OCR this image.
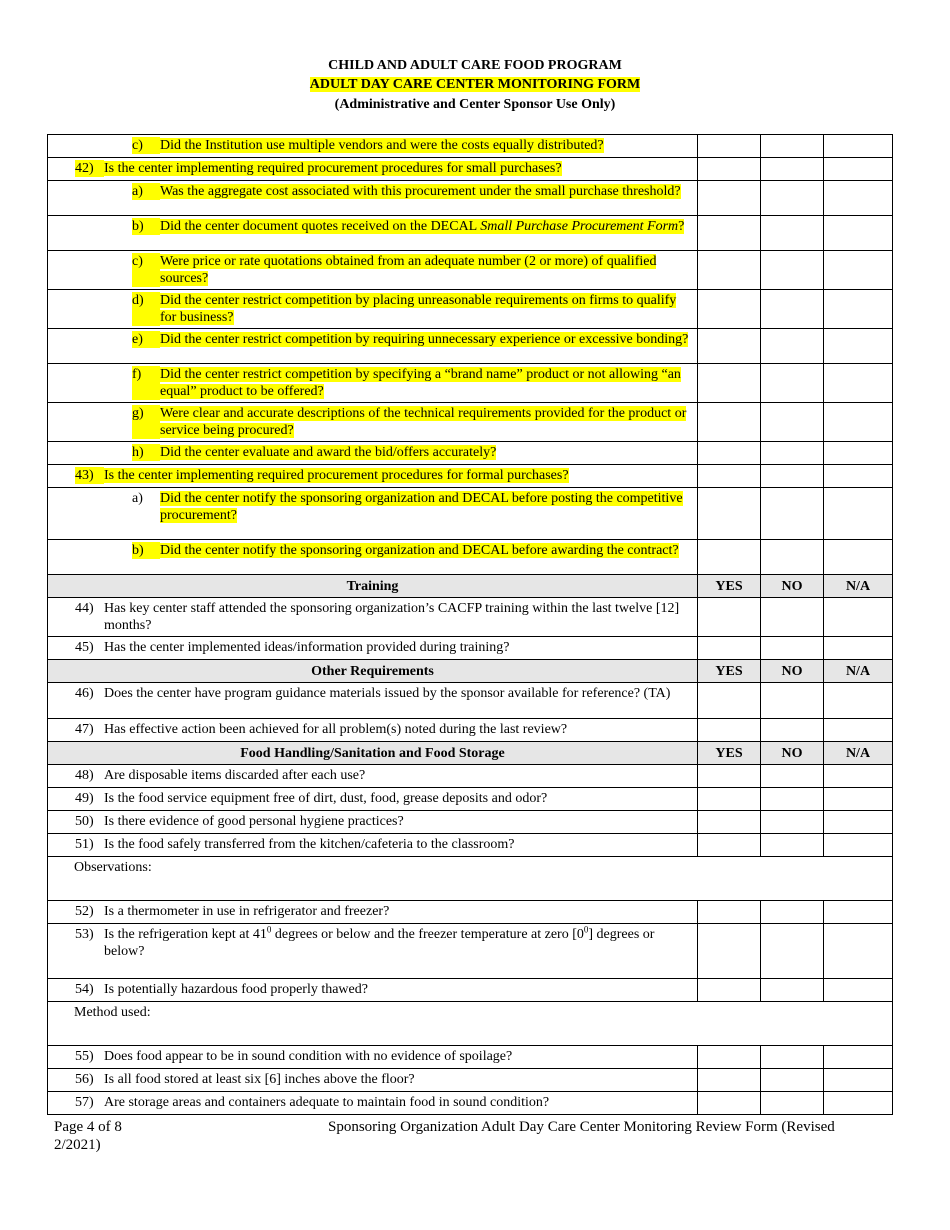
CHILD AND ADULT CARE FOOD PROGRAM
ADULT DAY CARE CENTER MONITORING FORM
(Administrative and Center Sponsor Use Only)
c) Did the Institution use multiple vendors and were the costs equally distributed?			

42) Is the center implementing required procurement procedures for small purchases?			

a) Was the aggregate cost associated with this procurement under the small purchase threshold?			

b) Did the center document quotes received on the DECAL Small Purchase Procurement Form?			

c) Were price or rate quotations obtained from an adequate number (2 or more) of qualified sources?			

d) Did the center restrict competition by placing unreasonable requirements on firms to qualify for business?			

e) Did the center restrict competition by requiring unnecessary experience or excessive bonding?			

f) Did the center restrict competition by specifying a “brand name” product or not allowing “an equal” product to be offered?			

g) Were clear and accurate descriptions of the technical requirements provided for the product or service being procured?			

h) Did the center evaluate and award the bid/offers accurately?			

43) Is the center implementing required procurement procedures for formal purchases?			

a) Did the center notify the sponsoring organization and DECAL before posting the competitive procurement?			

b) Did the center notify the sponsoring organization and DECAL before awarding the contract?			

Training	YES	NO	N/A

44) Has key center staff attended the sponsoring organization’s CACFP training within the last twelve [12] months?			

45) Has the center implemented ideas/information provided during training?			

Other Requirements	YES	NO	N/A

46) Does the center have program guidance materials issued by the sponsor available for reference? (TA)			

47) Has effective action been achieved for all problem(s) noted during the last review?			

Food Handling/Sanitation and Food Storage	YES	NO	N/A

48) Are disposable items discarded after each use?			

49) Is the food service equipment free of dirt, dust, food, grease deposits and odor?			

50) Is there evidence of good personal hygiene practices?			

51) Is the food safely transferred from the kitchen/cafeteria to the classroom?			

Observations:			

52) Is a thermometer in use in refrigerator and freezer?			

53) Is the refrigeration kept at $41^0$ degrees or below and the freezer temperature at zero $[0^0]$ degrees or below?			

54) Is potentially hazardous food properly thawed?			

Method used:			

55) Does food appear to be in sound condition with no evidence of spoilage?			

56) Is all food stored at least six [6] inches above the floor?			

57) Are storage areas and containers adequate to maintain food in sound condition?			

Page 4 of 8
2/2021)
Sponsoring Organization Adult Day Care Center Monitoring Review Form (Revised
